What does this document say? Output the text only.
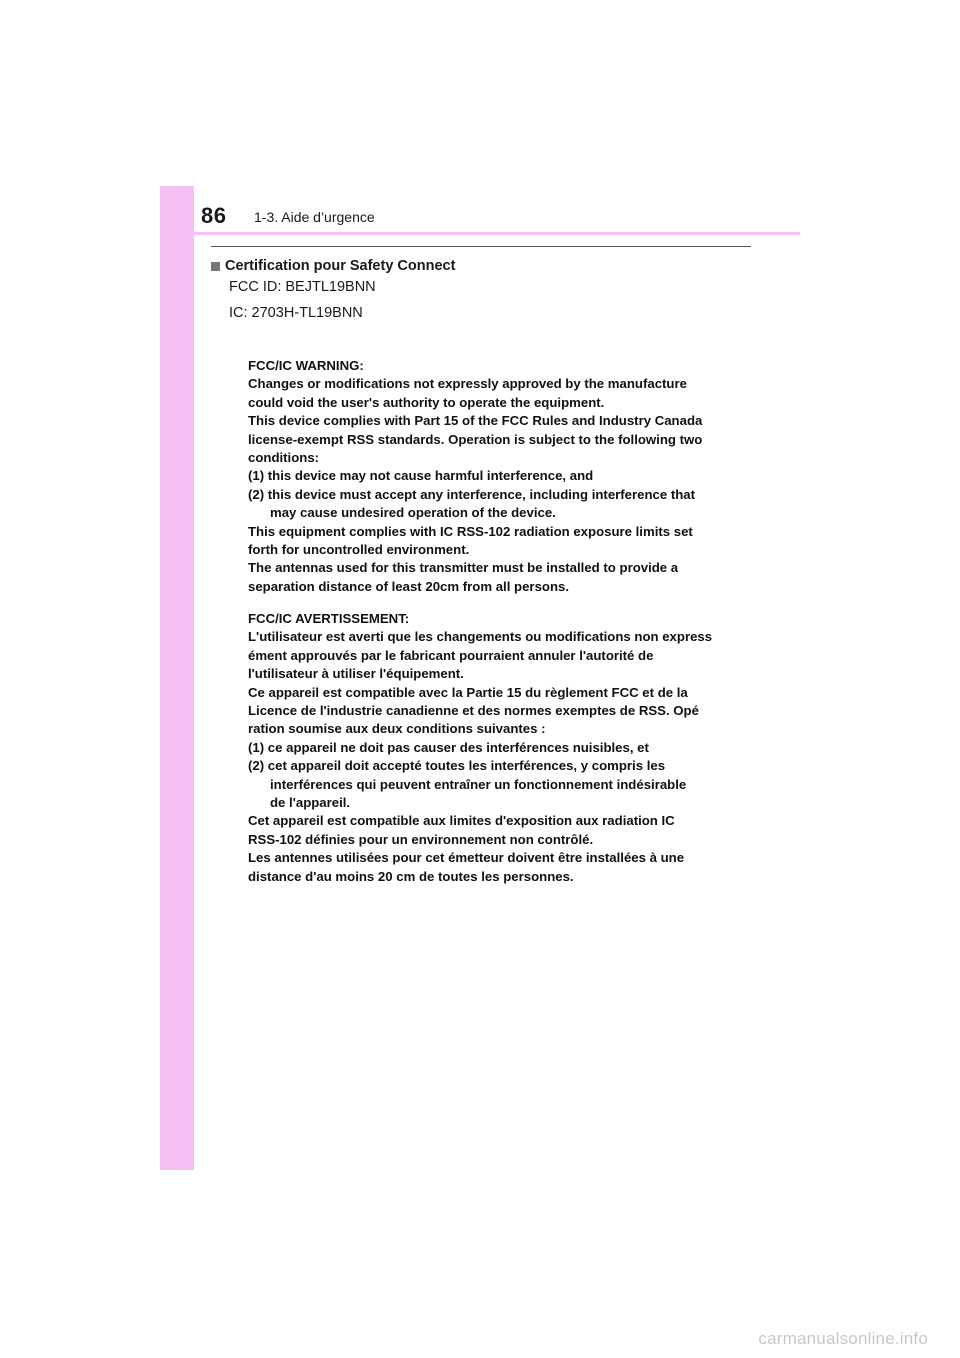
86 1-3. Aide d’urgence
Certification pour Safety Connect
FCC ID: BEJTL19BNN
IC: 2703H-TL19BNN
FCC/IC WARNING:
Changes or modifications not expressly approved by the manufacture
could void the user's authority to operate the equipment.
This device complies with Part 15 of the FCC Rules and Industry Canada
license-exempt RSS standards. Operation is subject to the following two
conditions:
(1) this device may not cause harmful interference, and
(2) this device must accept any interference, including interference that
may cause undesired operation of the device.
This equipment complies with IC RSS-102 radiation exposure limits set
forth for uncontrolled environment.
The antennas used for this transmitter must be installed to provide a
separation distance of least 20cm from all persons.
FCC/IC AVERTISSEMENT:
L'utilisateur est averti que les changements ou modifications non express
ément approuvés par le fabricant pourraient annuler l'autorité de
l'utilisateur à utiliser l'équipement.
Ce appareil est compatible avec la Partie 15 du règlement FCC et de la
Licence de l'industrie canadienne et des normes exemptes de RSS. Opé
ration soumise aux deux conditions suivantes :
(1) ce appareil ne doit pas causer des interférences nuisibles, et
(2) cet appareil doit accepté toutes les interférences, y compris les
interférences qui peuvent entraîner un fonctionnement indésirable
de l'appareil.
Cet appareil est compatible aux limites d'exposition aux radiation IC
RSS-102 définies pour un environnement non contrôlé.
Les antennes utilisées pour cet émetteur doivent être installées à une
distance d'au moins 20 cm de toutes les personnes.
carmanualsonline.info
